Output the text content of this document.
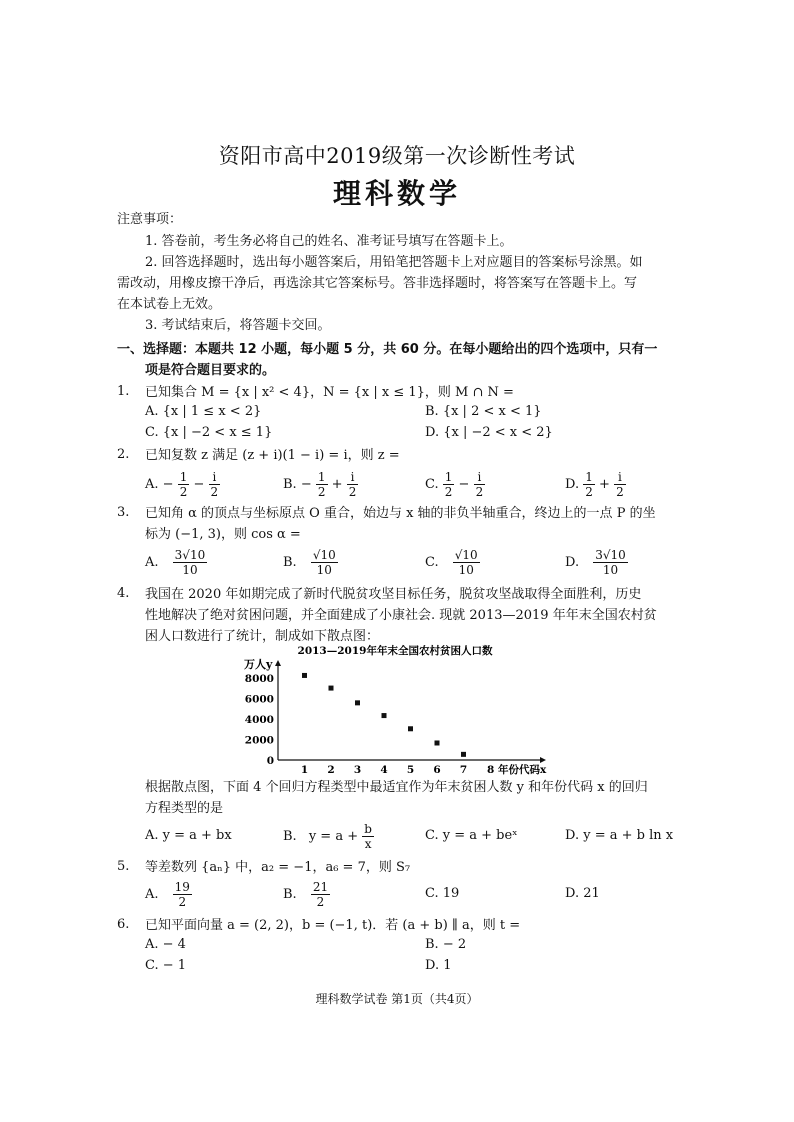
资阳市高中2019级第一次诊断性考试
理科数学
注意事项：
1. 答卷前，考生务必将自己的姓名、准考证号填写在答题卡上。
2. 回答选择题时，选出每小题答案后，用铅笔把答题卡上对应题目的答案标号涂黑。如
需改动，用橡皮擦干净后，再选涂其它答案标号。答非选择题时，将答案写在答题卡上。写
在本试卷上无效。
3. 考试结束后，将答题卡交回。
一、选择题：本题共 12 小题，每小题 5 分，共 60 分。在每小题给出的四个选项中，只有一
项是符合题目要求的。
1. 已知集合 M = {x | x² < 4}，N = {x | x ≤ 1}，则 M ∩ N =
A. {x | 1 ≤ x < 2}	B. {x | 2 < x < 1}
C. {x | −2 < x ≤ 1}	D. {x | −2 < x < 2}
2. 已知复数 z 满足 (z + i)(1 − i) = i，则 z =
A. − $\frac{1}{2} - \frac{i}{2}$	B. − $\frac{1}{2} + \frac{i}{2}$	C. $\frac{1}{2} - \frac{i}{2}$	D. $\frac{1}{2} + \frac{i}{2}$
3. 已知角 α 的顶点与坐标原点 O 重合，始边与 x 轴的非负半轴重合，终边上的一点 P 的坐
标为 (−1, 3)，则 cos α =
A. $\frac{3√10}{10}$	B. $\frac{√10}{10}$	C. $\frac{√10}{10}$	D. $\frac{3√10}{10}$
4. 我国在 2020 年如期完成了新时代脱贫攻坚目标任务，脱贫攻坚战取得全面胜利，历史
性地解决了绝对贫困问题，并全面建成了小康社会. 现就 2013—2019 年年末全国农村贫
困人口数进行了统计，制成如下散点图：
2013—2019年年末全国农村贫困人口数
万人y
2000
4000
6000
8000
1 2 3 4 5 6 7
0
8 年份代码x
根据散点图，下面 4 个回归方程类型中最适宜作为年末贫困人数 y 和年份代码 x 的回归
方程类型的是
A. y = a + bx	B. $y = a + \frac{b}{x}$	C. y = a + beˣ	D. y = a + b ln x
5. 等差数列 {aₙ} 中，a₂ = −1，a₆ = 7，则 S₇
A. $\frac{19}{2}$	B. $\frac{21}{2}$	C. 19	D. 21
6. 已知平面向量 a = (2, 2)，b = (−1, t)．若 (a + b) ∥ a，则 t =
A. − 4	B. − 2
C. − 1	D. 1
理科数学试卷 第1页（共4页）
